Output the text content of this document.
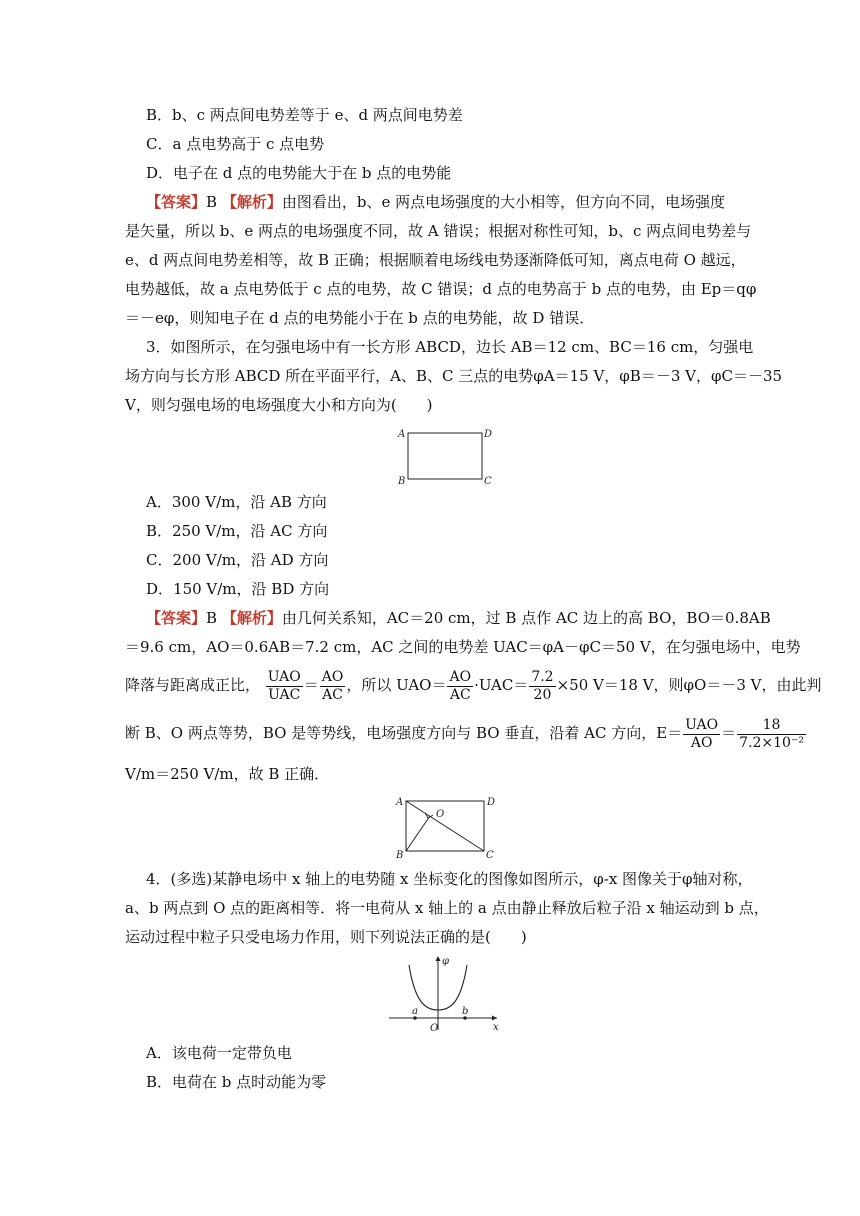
B．b、c 两点间电势差等于 e、d 两点间电势差
C．a 点电势高于 c 点电势
D．电子在 d 点的电势能大于在 b 点的电势能
【答案】B 【解析】由图看出，b、e 两点电场强度的大小相等，但方向不同，电场强度
是矢量，所以 b、e 两点的电场强度不同，故 A 错误；根据对称性可知，b、c 两点间电势差与
e、d 两点间电势差相等，故 B 正确；根据顺着电场线电势逐渐降低可知，离点电荷 O 越远，
电势越低，故 a 点电势低于 c 点的电势，故 C 错误；d 点的电势高于 b 点的电势，由 Ep＝qφ
＝－eφ，则知电子在 d 点的电势能小于在 b 点的电势能，故 D 错误．
3．如图所示，在匀强电场中有一长方形 ABCD，边长 AB＝12 cm、BC＝16 cm，匀强电
场方向与长方形 ABCD 所在平面平行，A、B、C 三点的电势φA＝15 V，φB＝－3 V，φC＝－35
V，则匀强电场的电场强度大小和方向为(　　)
A	D
B	C
A．300 V/m，沿 AB 方向
B．250 V/m，沿 AC 方向
C．200 V/m，沿 AD 方向
D．150 V/m，沿 BD 方向
【答案】B 【解析】由几何关系知，AC＝20 cm，过 B 点作 AC 边上的高 BO，BO＝0.8AB
＝9.6 cm，AO＝0.6AB＝7.2 cm，AC 之间的电势差 UAC＝φA－φC＝50 V，在匀强电场中，电势
降落与距离成正比， $\frac{\text{UAO}}{\text{UAC}} = \frac{AO}{AC}$ ，所以 $UAO= \frac{AO}{AC} \cdot UAC= \frac{7.2}{20} \times 50$ V＝18 V，则φO＝－3 V，由此判
断 B、O 两点等势，BO 是等势线，电场强度方向与 BO 垂直，沿着 AC 方向，$E= \frac{\text{UAO}}{AO} = \frac{18}{\text{7.2×10⁻²}}$
V/m＝250 V/m，故 B 正确．
A	D
B	C
O
4．(多选)某静电场中 x 轴上的电势随 x 坐标变化的图像如图所示，φ-x 图像关于φ轴对称，
a、b 两点到 O 点的距离相等．将一电荷从 x 轴上的 a 点由静止释放后粒子沿 x 轴运动到 b 点，
运动过程中粒子只受电场力作用，则下列说法正确的是(　　)
a	b
O	x
φ
A．该电荷一定带负电
B．电荷在 b 点时动能为零
